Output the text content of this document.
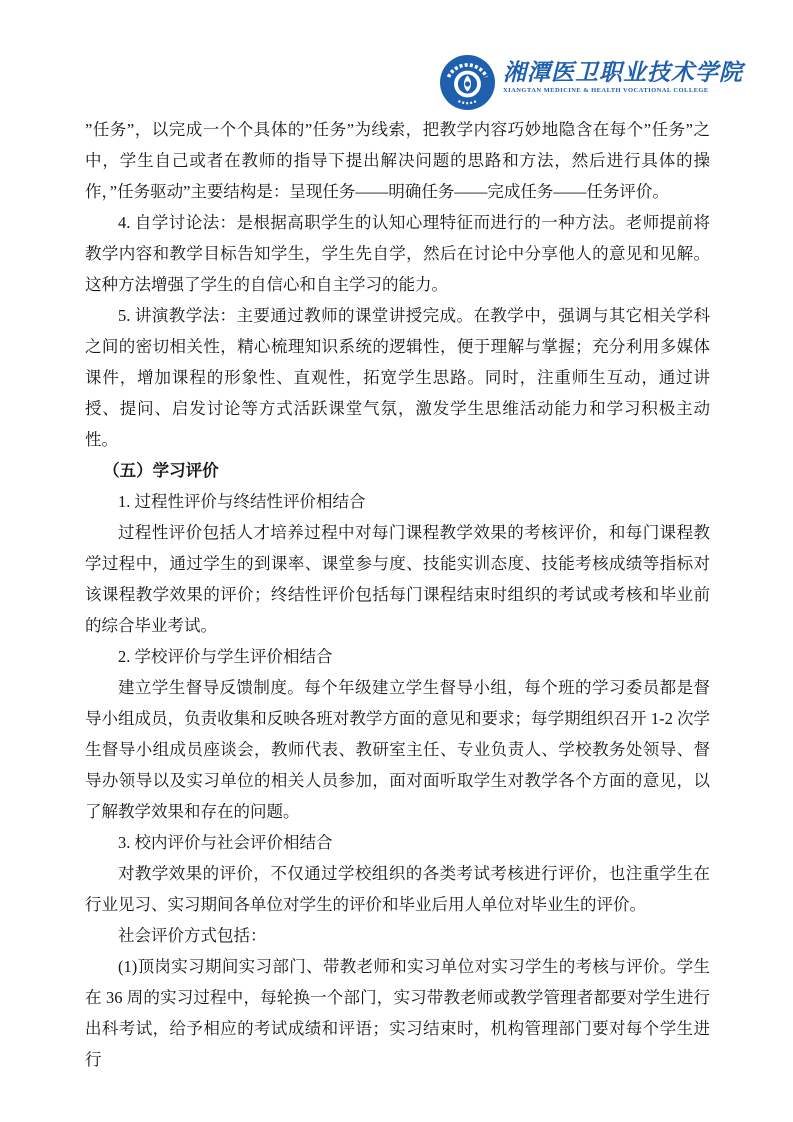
湘潭医卫职业技术学院
XIANGTAN MEDICINE & HEALTH VOCATIONAL COLLEGE

”任务”，以完成一个个具体的”任务”为线索，把教学内容巧妙地隐含在每个”任务”之中，学生自己或者在教师的指导下提出解决问题的思路和方法，然后进行具体的操作，”任务驱动”主要结构是：呈现任务——明确任务——完成任务——任务评价。

4. 自学讨论法：是根据高职学生的认知心理特征而进行的一种方法。老师提前将教学内容和教学目标告知学生，学生先自学，然后在讨论中分享他人的意见和见解。这种方法增强了学生的自信心和自主学习的能力。

5. 讲演教学法：主要通过教师的课堂讲授完成。在教学中，强调与其它相关学科之间的密切相关性，精心梳理知识系统的逻辑性，便于理解与掌握；充分利用多媒体课件，增加课程的形象性、直观性，拓宽学生思路。同时，注重师生互动，通过讲授、提问、启发讨论等方式活跃课堂气氛，激发学生思维活动能力和学习积极主动性。

（五）学习评价

1. 过程性评价与终结性评价相结合

过程性评价包括人才培养过程中对每门课程教学效果的考核评价，和每门课程教学过程中，通过学生的到课率、课堂参与度、技能实训态度、技能考核成绩等指标对该课程教学效果的评价；终结性评价包括每门课程结束时组织的考试或考核和毕业前的综合毕业考试。

2. 学校评价与学生评价相结合

建立学生督导反馈制度。每个年级建立学生督导小组，每个班的学习委员都是督导小组成员，负责收集和反映各班对教学方面的意见和要求；每学期组织召开 1-2 次学生督导小组成员座谈会，教师代表、教研室主任、专业负责人、学校教务处领导、督导办领导以及实习单位的相关人员参加，面对面听取学生对教学各个方面的意见，以了解教学效果和存在的问题。

3. 校内评价与社会评价相结合

对教学效果的评价，不仅通过学校组织的各类考试考核进行评价，也注重学生在行业见习、实习期间各单位对学生的评价和毕业后用人单位对毕业生的评价。

社会评价方式包括：

(1)顶岗实习期间实习部门、带教老师和实习单位对实习学生的考核与评价。学生在 36 周的实习过程中，每轮换一个部门，实习带教老师或教学管理者都要对学生进行出科考试，给予相应的考试成绩和评语；实习结束时，机构管理部门要对每个学生进行
